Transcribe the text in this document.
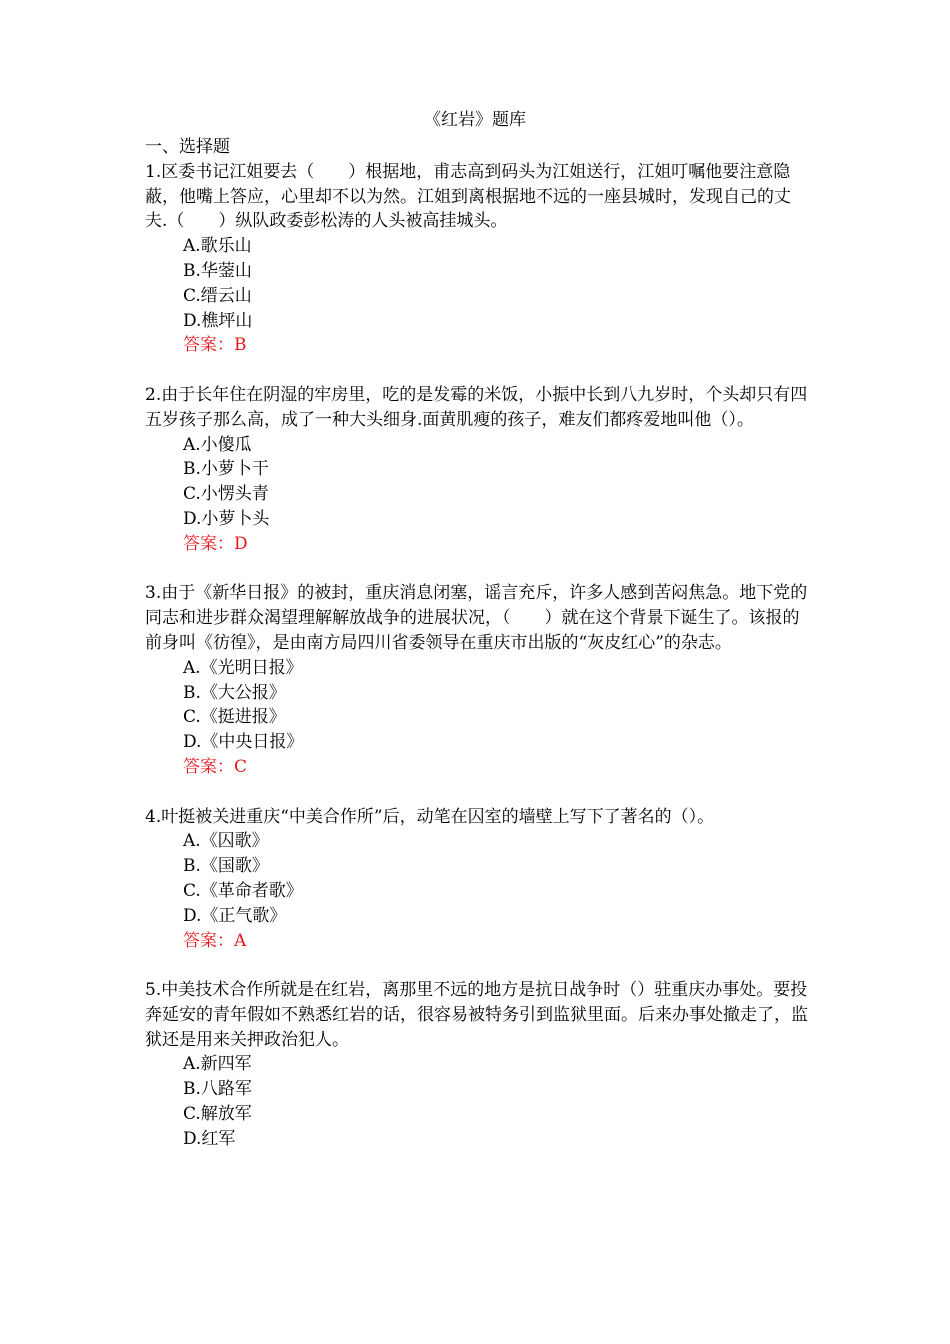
《红岩》题库
一、选择题

1.区委书记江姐要去（　　）根据地，甫志高到码头为江姐送行，江姐叮嘱他要注意隐蔽，他嘴上答应，心里却不以为然。江姐到离根据地不远的一座县城时，发现自己的丈夫.（　　）纵队政委彭松涛的人头被高挂城头。

A.歌乐山
B.华蓥山
C.缙云山
D.樵坪山

答案：B

2.由于长年住在阴湿的牢房里，吃的是发霉的米饭，小振中长到八九岁时，个头却只有四五岁孩子那么高，成了一种大头细身.面黄肌瘦的孩子，难友们都疼爱地叫他（）。

A.小傻瓜
B.小萝卜干
C.小愣头青
D.小萝卜头

答案：D

3.由于《新华日报》的被封，重庆消息闭塞，谣言充斥，许多人感到苦闷焦急。地下党的同志和进步群众渴望理解解放战争的进展状况，（　　）就在这个背景下诞生了。该报的前身叫《彷徨》，是由南方局四川省委领导在重庆市出版的“灰皮红心”的杂志。

A.《光明日报》
B.《大公报》
C.《挺进报》
D.《中央日报》

答案：C

4.叶挺被关进重庆“中美合作所”后，动笔在囚室的墙壁上写下了著名的（）。

A.《囚歌》
B.《国歌》
C.《革命者歌》
D.《正气歌》

答案：A

5.中美技术合作所就是在红岩，离那里不远的地方是抗日战争时（）驻重庆办事处。要投奔延安的青年假如不熟悉红岩的话，很容易被特务引到监狱里面。后来办事处撤走了，监狱还是用来关押政治犯人。

A.新四军
B.八路军
C.解放军
D.红军
